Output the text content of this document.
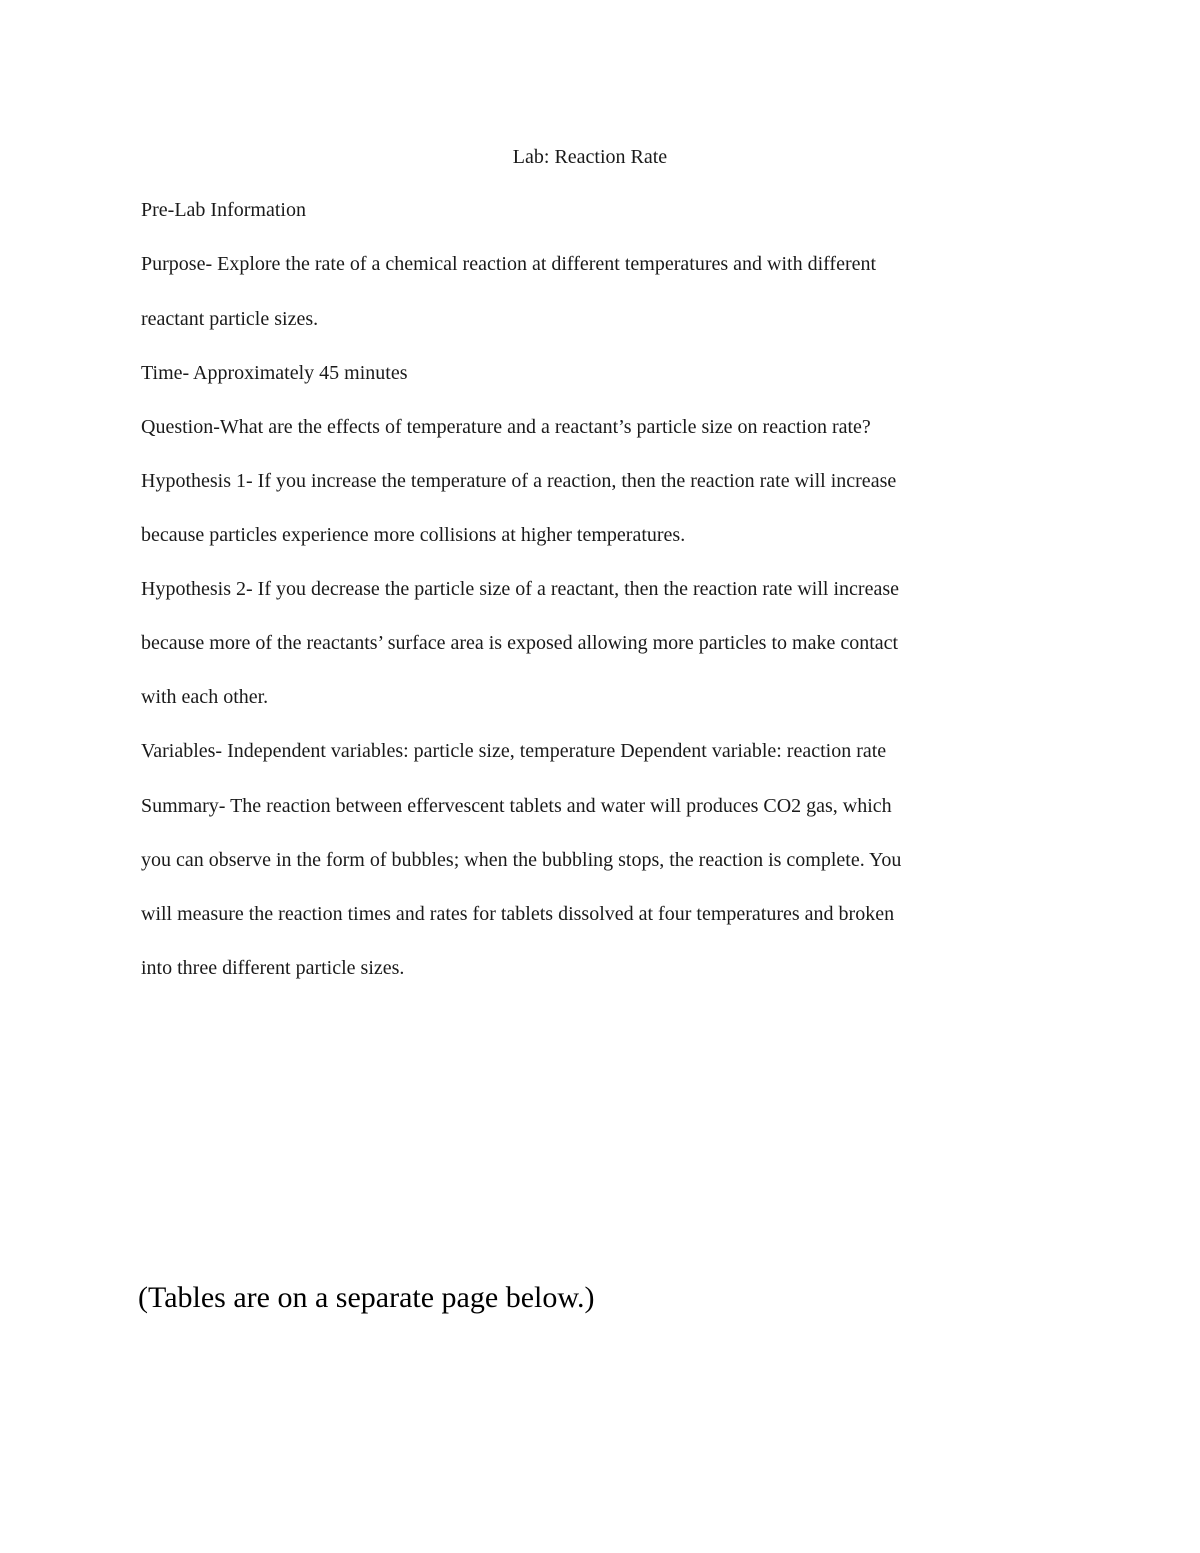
Lab: Reaction Rate

Pre-Lab Information

Purpose- Explore the rate of a chemical reaction at different temperatures and with different

reactant particle sizes.

Time- Approximately 45 minutes

Question-What are the effects of temperature and a reactant’s particle size on reaction rate?

Hypothesis 1- If you increase the temperature of a reaction, then the reaction rate will increase

because particles experience more collisions at higher temperatures.

Hypothesis 2- If you decrease the particle size of a reactant, then the reaction rate will increase

because more of the reactants’ surface area is exposed allowing more particles to make contact

with each other.

Variables- Independent variables: particle size, temperature Dependent variable: reaction rate

Summary- The reaction between effervescent tablets and water will produces CO2 gas, which

you can observe in the form of bubbles; when the bubbling stops, the reaction is complete. You

will measure the reaction times and rates for tablets dissolved at four temperatures and broken

into three different particle sizes.

(Tables are on a separate page below.)
